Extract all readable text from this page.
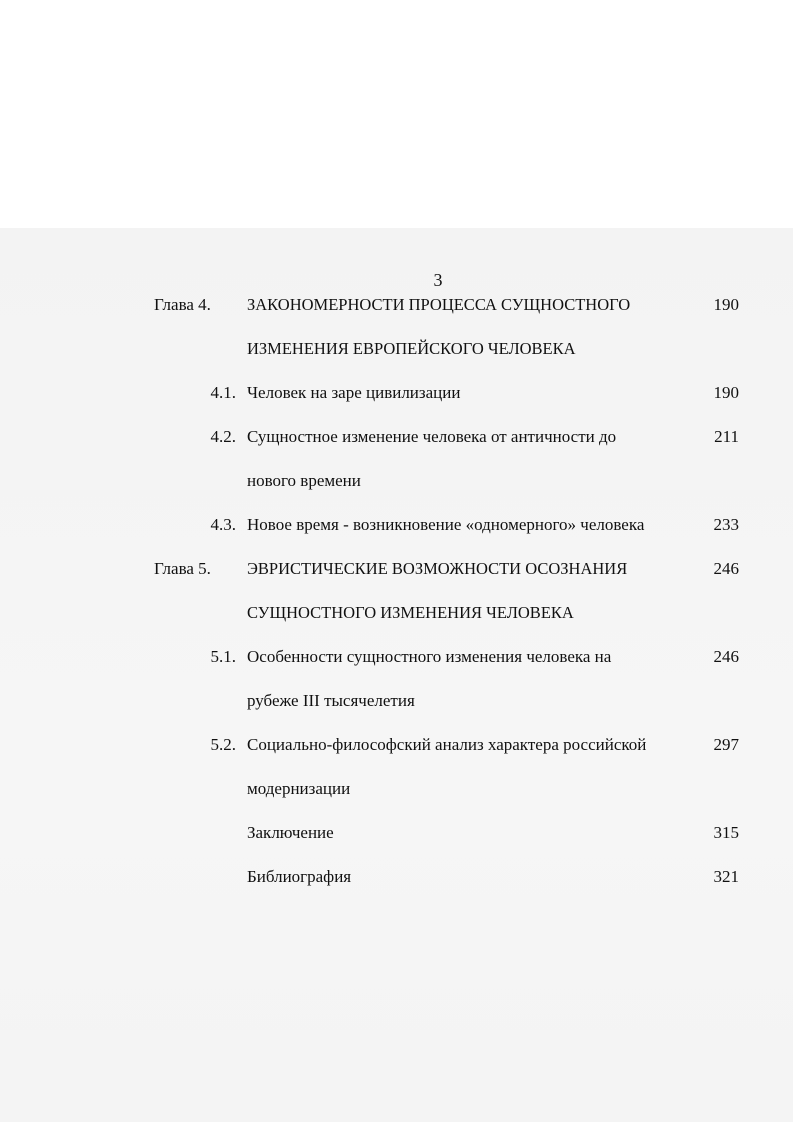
3
Глава 4. ЗАКОНОМЕРНОСТИ ПРОЦЕССА СУЩНОСТНОГО	190
ИЗМЕНЕНИЯ ЕВРОПЕЙСКОГО ЧЕЛОВЕКА
4.1. Человек на заре цивилизации	190
4.2. Сущностное изменение человека от античности до	211
нового времени
4.3. Новое время - возникновение «одномерного» человека	233
Глава 5. ЭВРИСТИЧЕСКИЕ ВОЗМОЖНОСТИ ОСОЗНАНИЯ	246
СУЩНОСТНОГО ИЗМЕНЕНИЯ ЧЕЛОВЕКА
5.1. Особенности сущностного изменения человека на	246
рубеже III тысячелетия
5.2. Социально-философский анализ характера российской	297
модернизации
Заключение	315
Библиография	321
